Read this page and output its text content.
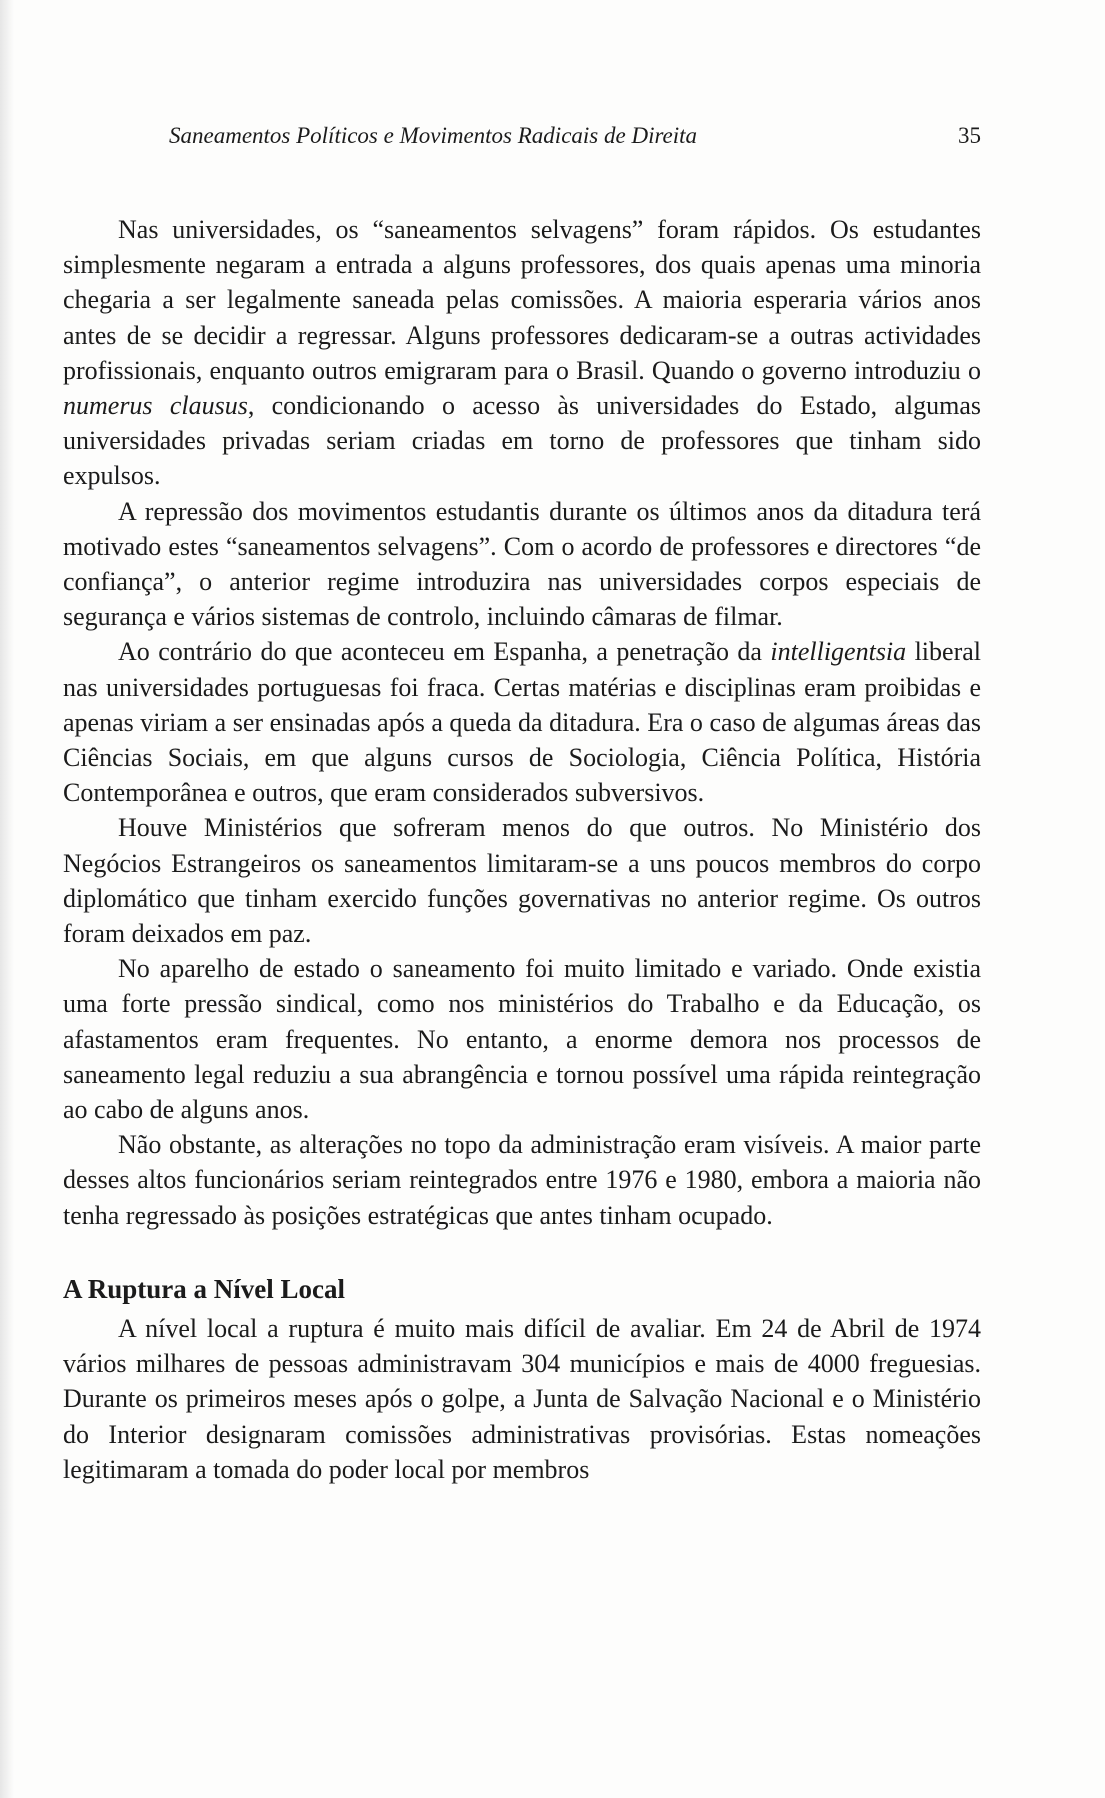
Saneamentos Políticos e Movimentos Radicais de Direita	35

Nas universidades, os “saneamentos selvagens” foram rápidos. Os estudantes simplesmente negaram a entrada a alguns professores, dos quais apenas uma minoria chegaria a ser legalmente saneada pelas comissões. A maioria esperaria vários anos antes de se decidir a regressar. Alguns professores dedicaram-se a outras actividades profissionais, enquanto outros emigraram para o Brasil. Quando o governo introduziu o numerus clausus, condicionando o acesso às universidades do Estado, algumas universidades privadas seriam criadas em torno de professores que tinham sido expulsos.

A repressão dos movimentos estudantis durante os últimos anos da ditadura terá motivado estes “saneamentos selvagens”. Com o acordo de professores e directores “de confiança”, o anterior regime introduzira nas universidades corpos especiais de segurança e vários sistemas de controlo, incluindo câmaras de filmar.

Ao contrário do que aconteceu em Espanha, a penetração da intelligentsia liberal nas universidades portuguesas foi fraca. Certas matérias e disciplinas eram proibidas e apenas viriam a ser ensinadas após a queda da ditadura. Era o caso de algumas áreas das Ciências Sociais, em que alguns cursos de Sociologia, Ciência Política, História Contemporânea e outros, que eram considerados subversivos.

Houve Ministérios que sofreram menos do que outros. No Ministério dos Negócios Estrangeiros os saneamentos limitaram-se a uns poucos membros do corpo diplomático que tinham exercido funções governativas no anterior regime. Os outros foram deixados em paz.

No aparelho de estado o saneamento foi muito limitado e variado. Onde existia uma forte pressão sindical, como nos ministérios do Trabalho e da Educação, os afastamentos eram frequentes. No entanto, a enorme demora nos processos de saneamento legal reduziu a sua abrangência e tornou possível uma rápida reintegração ao cabo de alguns anos.

Não obstante, as alterações no topo da administração eram visíveis. A maior parte desses altos funcionários seriam reintegrados entre 1976 e 1980, embora a maioria não tenha regressado às posições estratégicas que antes tinham ocupado.

A Ruptura a Nível Local

A nível local a ruptura é muito mais difícil de avaliar. Em 24 de Abril de 1974 vários milhares de pessoas administravam 304 municípios e mais de 4000 freguesias. Durante os primeiros meses após o golpe, a Junta de Salvação Nacional e o Ministério do Interior designaram comissões administrativas provisórias. Estas nomeações legitimaram a tomada do poder local por membros
